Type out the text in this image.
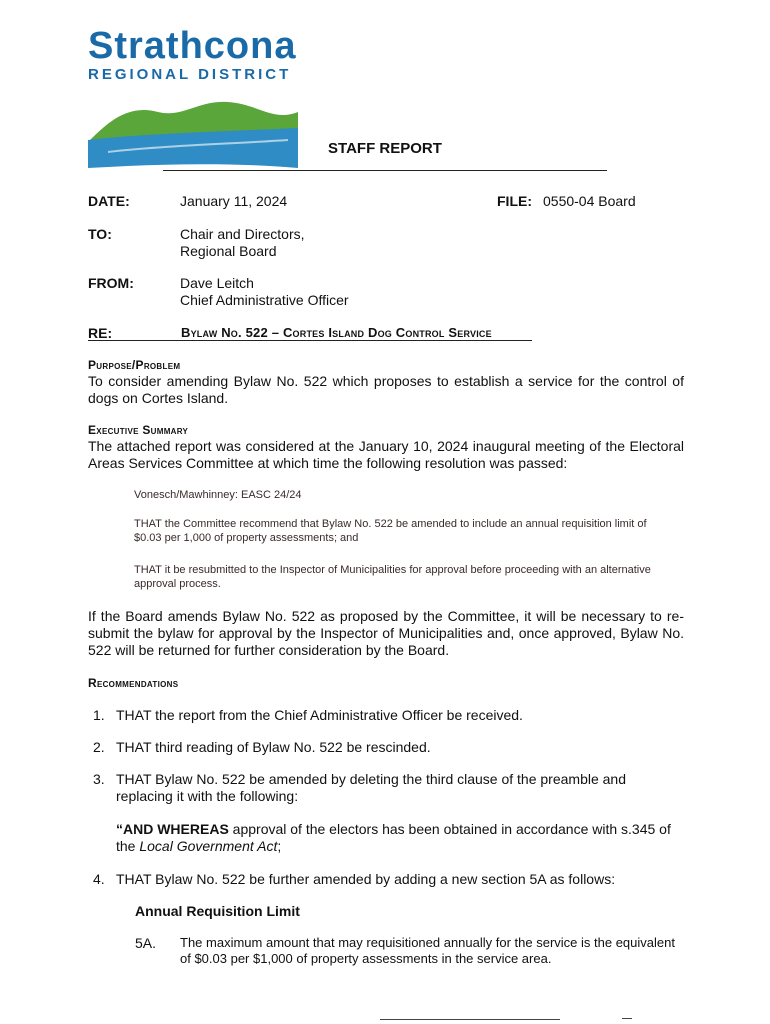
Strathcona
REGIONAL DISTRICT
STAFF REPORT
DATE:	January 11, 2024	FILE: 0550-04 Board
TO:	Chair and Directors,
Regional Board
FROM:	Dave Leitch
Chief Administrative Officer
RE:	Bylaw No. 522 – Cortes Island Dog Control Service
Purpose/Problem
To consider amending Bylaw No. 522 which proposes to establish a service for the control of dogs on Cortes Island.
Executive Summary
The attached report was considered at the January 10, 2024 inaugural meeting of the Electoral Areas Services Committee at which time the following resolution was passed:
Vonesch/Mawhinney: EASC 24/24
THAT the Committee recommend that Bylaw No. 522 be amended to include an annual requisition limit of $0.03 per 1,000 of property assessments; and
THAT it be resubmitted to the Inspector of Municipalities for approval before proceeding with an alternative approval process.
If the Board amends Bylaw No. 522 as proposed by the Committee, it will be necessary to re-submit the bylaw for approval by the Inspector of Municipalities and, once approved, Bylaw No. 522 will be returned for further consideration by the Board.
Recommendations
1. THAT the report from the Chief Administrative Officer be received.
2. THAT third reading of Bylaw No. 522 be rescinded.
3. THAT Bylaw No. 522 be amended by deleting the third clause of the preamble and replacing it with the following:
“AND WHEREAS approval of the electors has been obtained in accordance with s.345 of the Local Government Act;
4. THAT Bylaw No. 522 be further amended by adding a new section 5A as follows:
Annual Requisition Limit
5A. The maximum amount that may requisitioned annually for the service is the equivalent of $0.03 per $1,000 of property assessments in the service area.
